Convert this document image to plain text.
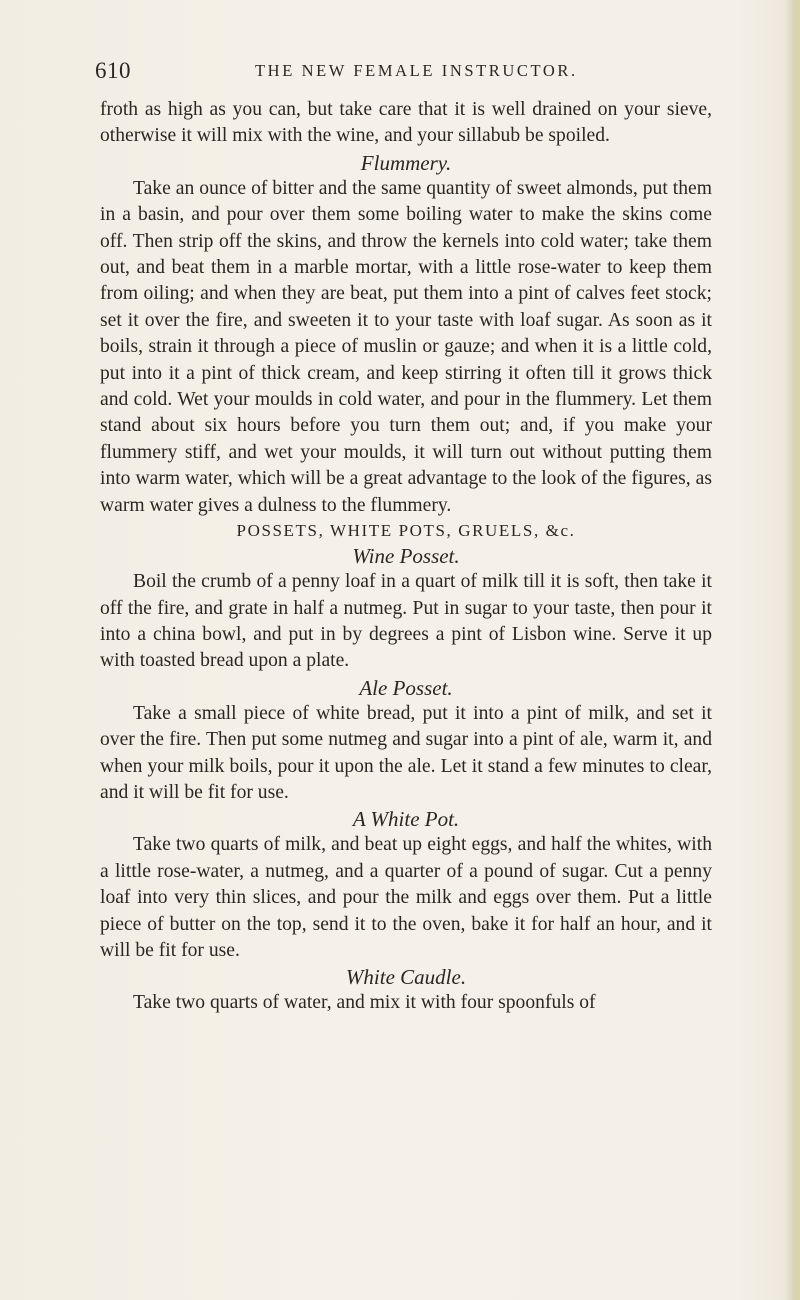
610	THE NEW FEMALE INSTRUCTOR.

froth as high as you can, but take care that it is well drained on your sieve, otherwise it will mix with the wine, and your sillabub be spoiled.

Flummery.

Take an ounce of bitter and the same quantity of sweet almonds, put them in a basin, and pour over them some boiling water to make the skins come off. Then strip off the skins, and throw the kernels into cold water; take them out, and beat them in a marble mortar, with a little rose-water to keep them from oiling; and when they are beat, put them into a pint of calves feet stock; set it over the fire, and sweeten it to your taste with loaf sugar. As soon as it boils, strain it through a piece of muslin or gauze; and when it is a little cold, put into it a pint of thick cream, and keep stirring it often till it grows thick and cold. Wet your moulds in cold water, and pour in the flummery. Let them stand about six hours before you turn them out; and, if you make your flummery stiff, and wet your moulds, it will turn out without putting them into warm water, which will be a great advantage to the look of the figures, as warm water gives a dulness to the flummery.

POSSETS, WHITE POTS, GRUELS, &c.

Wine Posset.

Boil the crumb of a penny loaf in a quart of milk till it is soft, then take it off the fire, and grate in half a nutmeg. Put in sugar to your taste, then pour it into a china bowl, and put in by degrees a pint of Lisbon wine. Serve it up with toasted bread upon a plate.

Ale Posset.

Take a small piece of white bread, put it into a pint of milk, and set it over the fire. Then put some nutmeg and sugar into a pint of ale, warm it, and when your milk boils, pour it upon the ale. Let it stand a few minutes to clear, and it will be fit for use.

A White Pot.

Take two quarts of milk, and beat up eight eggs, and half the whites, with a little rose-water, a nutmeg, and a quarter of a pound of sugar. Cut a penny loaf into very thin slices, and pour the milk and eggs over them. Put a little piece of butter on the top, send it to the oven, bake it for half an hour, and it will be fit for use.

White Caudle.

Take two quarts of water, and mix it with four spoonfuls of
